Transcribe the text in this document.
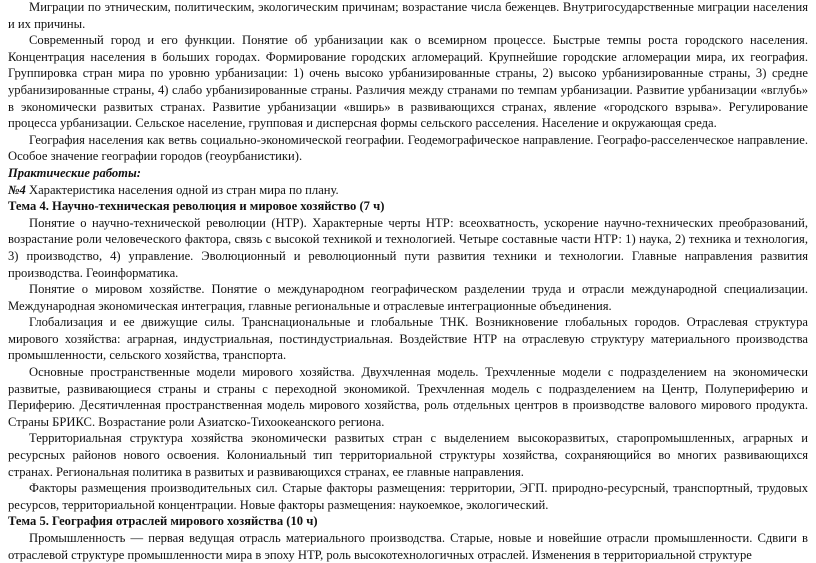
Миграции по этническим, политическим, экологическим причинам; возрастание числа беженцев. Внутригосударственные миграции населения и их причины.

Современный город и его функции. Понятие об урбанизации как о всемирном процессе. Быстрые темпы роста городского населения. Концентрация населения в больших городах. Формирование городских агломераций. Крупнейшие городские агломерации мира, их география. Группировка стран мира по уровню урбанизации: 1) очень высоко урбанизированные страны, 2) высоко урбанизированные страны, 3) средне урбанизированные страны, 4) слабо урбанизированные страны. Различия между странами по темпам урбанизации. Развитие урбанизации «вглубь» в экономически развитых странах. Развитие урбанизации «вширь» в развивающихся странах, явление «городского взрыва». Регулирование процесса урбанизации. Сельское население, групповая и дисперсная формы сельского расселения. Население и окружающая среда.

География населения как ветвь социально-экономической географии. Геодемографическое направление. Географо-расселенческое направление. Особое значение географии городов (геоурбанистики).

Практические работы:

№4 Характеристика населения одной из стран мира по плану.

Тема 4. Научно-техническая революция и мировое хозяйство (7 ч)

Понятие о научно-технической революции (НТР). Характерные черты НТР: всеохватность, ускорение научно-технических преобразований, возрастание роли человеческого фактора, связь с высокой техникой и технологией. Четыре составные части НТР: 1) наука, 2) техника и технология, 3) производство, 4) управление. Эволюционный и революционный пути развития техники и технологии. Главные направления развития производства. Геоинформатика.

Понятие о мировом хозяйстве. Понятие о международном географическом разделении труда и отрасли международной специализации. Международная экономическая интеграция, главные региональные и отраслевые интеграционные объединения.

Глобализация и ее движущие силы. Транснациональные и глобальные ТНК. Возникновение глобальных городов. Отраслевая структура мирового хозяйства: аграрная, индустриальная, постиндустриальная. Воздействие НТР на отраслевую структуру материального производства промышленности, сельского хозяйства, транспорта.

Основные пространственные модели мирового хозяйства. Двухчленная модель. Трехчленные модели с подразделением на экономически развитые, развивающиеся страны и страны с переходной экономикой. Трехчленная модель с подразделением на Центр, Полупериферию и Периферию. Десятичленная пространственная модель мирового хозяйства, роль отдельных центров в производстве валового мирового продукта. Страны БРИКС. Возрастание роли Азиатско-Тихоокеанского региона.

Территориальная структура хозяйства экономически развитых стран с выделением высокоразвитых, старопромышленных, аграрных и ресурсных районов нового освоения. Колониальный тип территориальной структуры хозяйства, сохраняющийся во многих развивающихся странах. Региональная политика в развитых и развивающихся странах, ее главные направления.

Факторы размещения производительных сил. Старые факторы размещения: территории, ЭГП. природно-ресурсный, транспортный, трудовых ресурсов, территориальной концентрации. Новые факторы размещения: наукоемкое, экологический.

Тема 5. География отраслей мирового хозяйства (10 ч)

Промышленность — первая ведущая отрасль материального производства. Старые, новые и новейшие отрасли промышленности. Сдвиги в отраслевой структуре промышленности мира в эпоху НТР, роль высокотехнологичных отраслей. Изменения в территориальной структуре
